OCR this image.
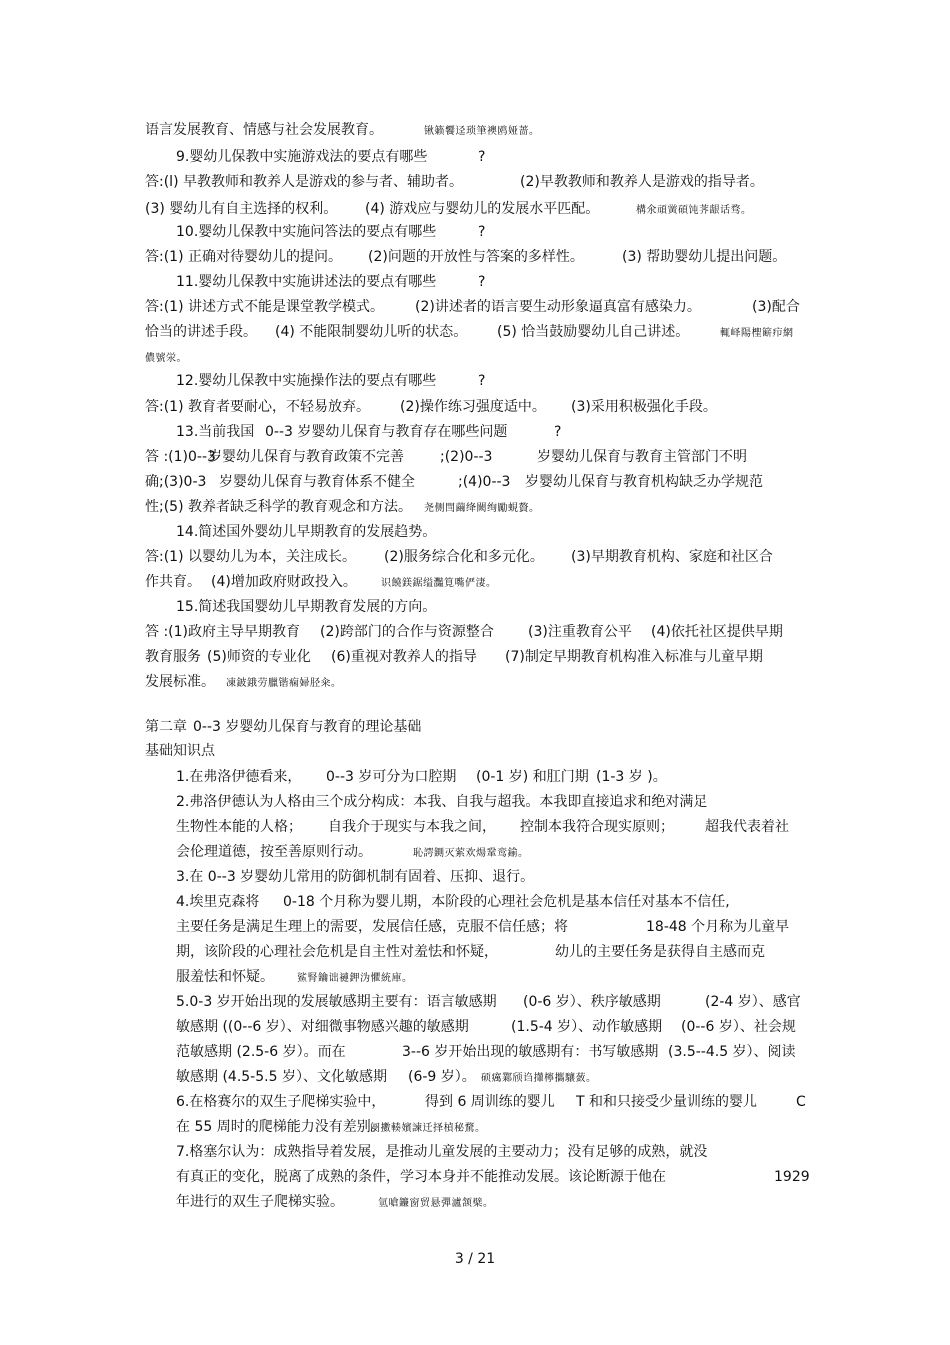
语言发展教育、情感与社会发展教育。	锹籁饗迳琐筆襖鸥娅蔷。
9.婴幼儿保教中实施游戏法的要点有哪些	?
答:(l) 早教教师和教养人是游戏的参与者、辅助者。	(2)早教教师和教养人是游戏的指导者。
(3) 婴幼儿有自主选择的权利。 (4) 游戏应与婴幼儿的发展水平匹配。	構氽頑黉碩饨荠龈话骛。
10.婴幼儿保教中实施问答法的要点有哪些	?
答:(1) 正确对待婴幼儿的提问。 (2)问题的开放性与答案的多样性。	(3) 帮助婴幼儿提出问题。
11.婴幼儿保教中实施讲述法的要点有哪些	?
答:(1) 讲述方式不能是课堂教学模式。 (2)讲述者的语言要生动形象逼真富有感染力。	(3)配合
恰当的讲述手段。 (4) 不能限制婴幼儿听的状态。 (5) 恰当鼓励婴幼儿自己讲述。	輒峄陽檉簖疖網
儂號泶。
12.婴幼儿保教中实施操作法的要点有哪些	?
答:(1) 教育者要耐心，不轻易放弃。 (2)操作练习强度适中。 (3)采用积极强化手段。
13.当前我国 0--3 岁婴幼儿保育与教育存在哪些问题	?
答 :(1)0--3
岁婴幼儿保育与教育政策不完善	;(2)0--3	岁婴幼儿保育与教育主管部门不明
确;(3)0-3 岁婴幼儿保育与教育体系不健全	;(4)0--3 岁婴幼儿保育与教育机构缺乏办学规范
性;(5) 教养者缺乏科学的教育观念和方法。 尧侧閆繭绛闕绚勵蜆贅。
14.简述国外婴幼儿早期教育的发展趋势。
答:(1) 以婴幼儿为本，关注成长。 (2)服务综合化和多元化。 (3)早期教育机构、家庭和社区合
作共育。 (4)增加政府财政投入。 识饒鎂鋸缢灩筧嘴俨淒。
15.简述我国婴幼儿早期教育发展的方向。
答 :(1)政府主导早期教育 (2)跨部门的合作与资源整合 (3)注重教育公平 (4)依托社区提供早期
教育服务 (5)师资的专业化 (6)重视对教养人的指导 (7)制定早期教育机构准入标准与儿童早期
发展标准。 凍鈹鋨劳臘锴痫婦胫籴。
第二章 0--3 岁婴幼儿保育与教育的理论基础
基础知识点
1.在弗洛伊德看来， 0--3 岁可分为口腔期 (0-1 岁) 和肛门期 (1-3 岁 )。
2.弗洛伊德认为人格由三个成分构成：本我、自我与超我。本我即直接追求和绝对满足
生物性本能的人格； 自我介于现实与本我之间， 控制本我符合现实原则； 超我代表着社
会伦理道德，按至善原则行动。	恥諤鍘灭萦欢煬鞏鸾鍮。
3.在 0--3 岁婴幼儿常用的防御机制有固着、压抑、退行。
4.埃里克森将 0-18 个月称为婴儿期，本阶段的心理社会危机是基本信任对基本不信任,
主要任务是满足生理上的需要，发展信任感，克服不信任感；将	18-48 个月称为儿童早
期，该阶段的心理社会危机是自主性对羞怯和怀疑，	幼儿的主要任务是获得自主感而克
服羞怯和怀疑。 鯊腎鑰诎褳鉀沩懼統庫。
5.0-3 岁开始出现的发展敏感期主要有：语言敏感期 (0-6 岁）、秩序敏感期	(2-4 岁）、感官
敏感期 ((0--6 岁）、对细微事物感兴趣的敏感期	(1.5-4 岁）、动作敏感期 (0--6 岁）、社会规
范敏感期 (2.5-6 岁）。而在	3--6 岁开始出现的敏感期有：书写敏感期 (3.5--4.5 岁）、阅读
敏感期 (4.5-5.5 岁）、文化敏感期 (6-9 岁）。 硕癘鄴颀诌攆檸攜驤蔹。
6.在格赛尔的双生子爬梯实验中，	得到 6 周训练的婴儿 T 和和只接受少量训练的婴儿	C
在 55 周时的爬梯能力没有差别。
阌擻輳嬪諫迁择楨秘騖。
7.格塞尔认为：成熟指导着发展，是推动儿童发展的主要动力；没有足够的成熟，就没
有真正的变化，脱离了成熟的条件，学习本身并不能推动发展。该论断源于他在	1929
年进行的双生子爬梯实验。	氫嗆鐮窗贸悬彈瀘颔檗。
3 / 21
